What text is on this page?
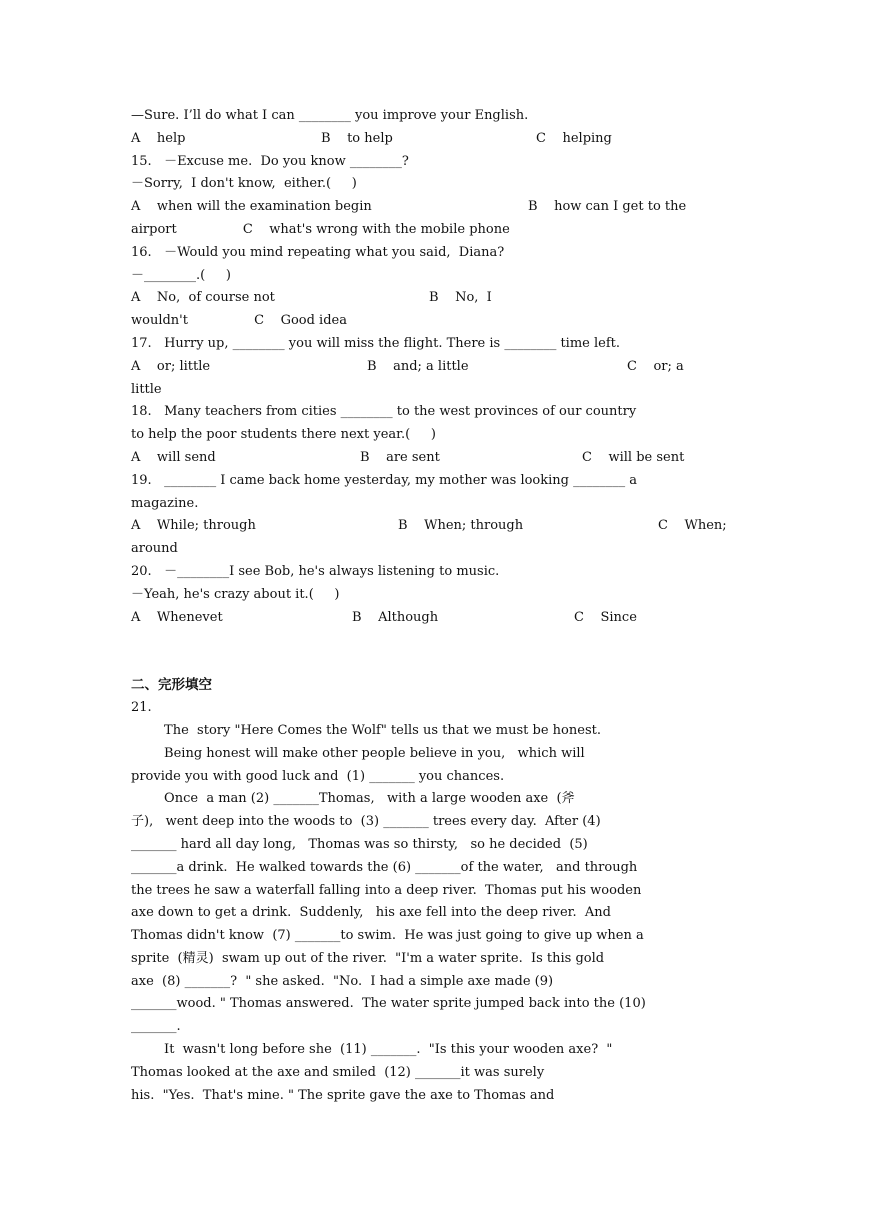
—Sure. I’ll do what I can ________ you improve your English.
A    help	B    to help	C    helping
15.   －Excuse me.  Do you know ________?
－Sorry,  I don't know,  either.(     )
A    when will the examination begin	B    how can I get to the
airport                C    what's wrong with the mobile phone
16.   －Would you mind repeating what you said,  Diana?
－________.(     )
A    No,  of course not	B    No,  I
wouldn't                C    Good idea
17.   Hurry up, ________ you will miss the flight. There is ________ time left.
A    or; little	B    and; a little	C    or; a
little
18.   Many teachers from cities ________ to the west provinces of our country
to help the poor students there next year.(     )
A    will send	B    are sent	C    will be sent
19.   ________ I came back home yesterday, my mother was looking ________ a
magazine.
A    While; through	B    When; through	C    When;
around
20.   －________I see Bob, he's always listening to music.
－Yeah, he's crazy about it.(     )
A    Whenevet	B    Although	C    Since
二、完形填空
21.
The  story "Here Comes the Wolf" tells us that we must be honest.
Being honest will make other people believe in you,   which will
provide you with good luck and  (1) _______ you chances.
Once  a man (2) _______Thomas,   with a large wooden axe  (斧
子),   went deep into the woods to  (3) _______ trees every day.  After (4)
_______ hard all day long,   Thomas was so thirsty,   so he decided  (5)
_______a drink.  He walked towards the (6) _______of the water,   and through
the trees he saw a waterfall falling into a deep river.  Thomas put his wooden
axe down to get a drink.  Suddenly,   his axe fell into the deep river.  And
Thomas didn't know  (7) _______to swim.  He was just going to give up when a
sprite  (精灵)  swam up out of the river.  "I'm a water sprite.  Is this gold
axe  (8) _______?  " she asked.  "No.  I had a simple axe made (9)
_______wood. " Thomas answered.  The water sprite jumped back into the (10)
_______.
It  wasn't long before she  (11) _______.  "Is this your wooden axe?  "
Thomas looked at the axe and smiled  (12) _______it was surely
his.  "Yes.  That's mine. " The sprite gave the axe to Thomas and
